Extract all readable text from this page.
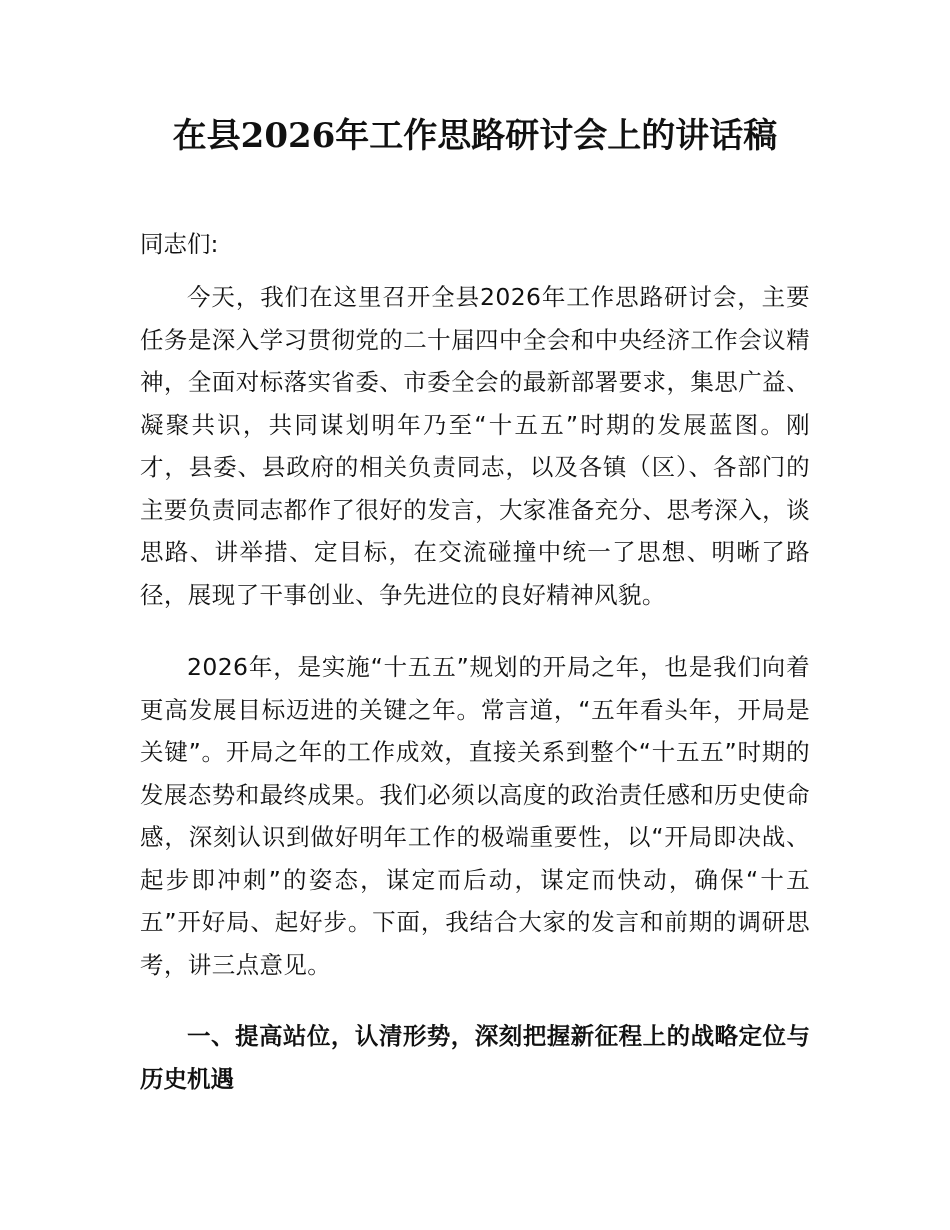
在县2026年工作思路研讨会上的讲话稿

同志们:

今天，我们在这里召开全县2026年工作思路研讨会，主要任务是深入学习贯彻党的二十届四中全会和中央经济工作会议精神，全面对标落实省委、市委全会的最新部署要求，集思广益、凝聚共识，共同谋划明年乃至“十五五”时期的发展蓝图。刚才，县委、县政府的相关负责同志，以及各镇（区）、各部门的主要负责同志都作了很好的发言，大家准备充分、思考深入，谈思路、讲举措、定目标，在交流碰撞中统一了思想、明晰了路径，展现了干事创业、争先进位的良好精神风貌。

2026年，是实施“十五五”规划的开局之年，也是我们向着更高发展目标迈进的关键之年。常言道，“五年看头年，开局是关键”。开局之年的工作成效，直接关系到整个“十五五”时期的发展态势和最终成果。我们必须以高度的政治责任感和历史使命感，深刻认识到做好明年工作的极端重要性，以“开局即决战、起步即冲刺”的姿态，谋定而后动，谋定而快动，确保“十五五”开好局、起好步。下面，我结合大家的发言和前期的调研思考，讲三点意见。

一、提高站位，认清形势，深刻把握新征程上的战略定位与历史机遇
